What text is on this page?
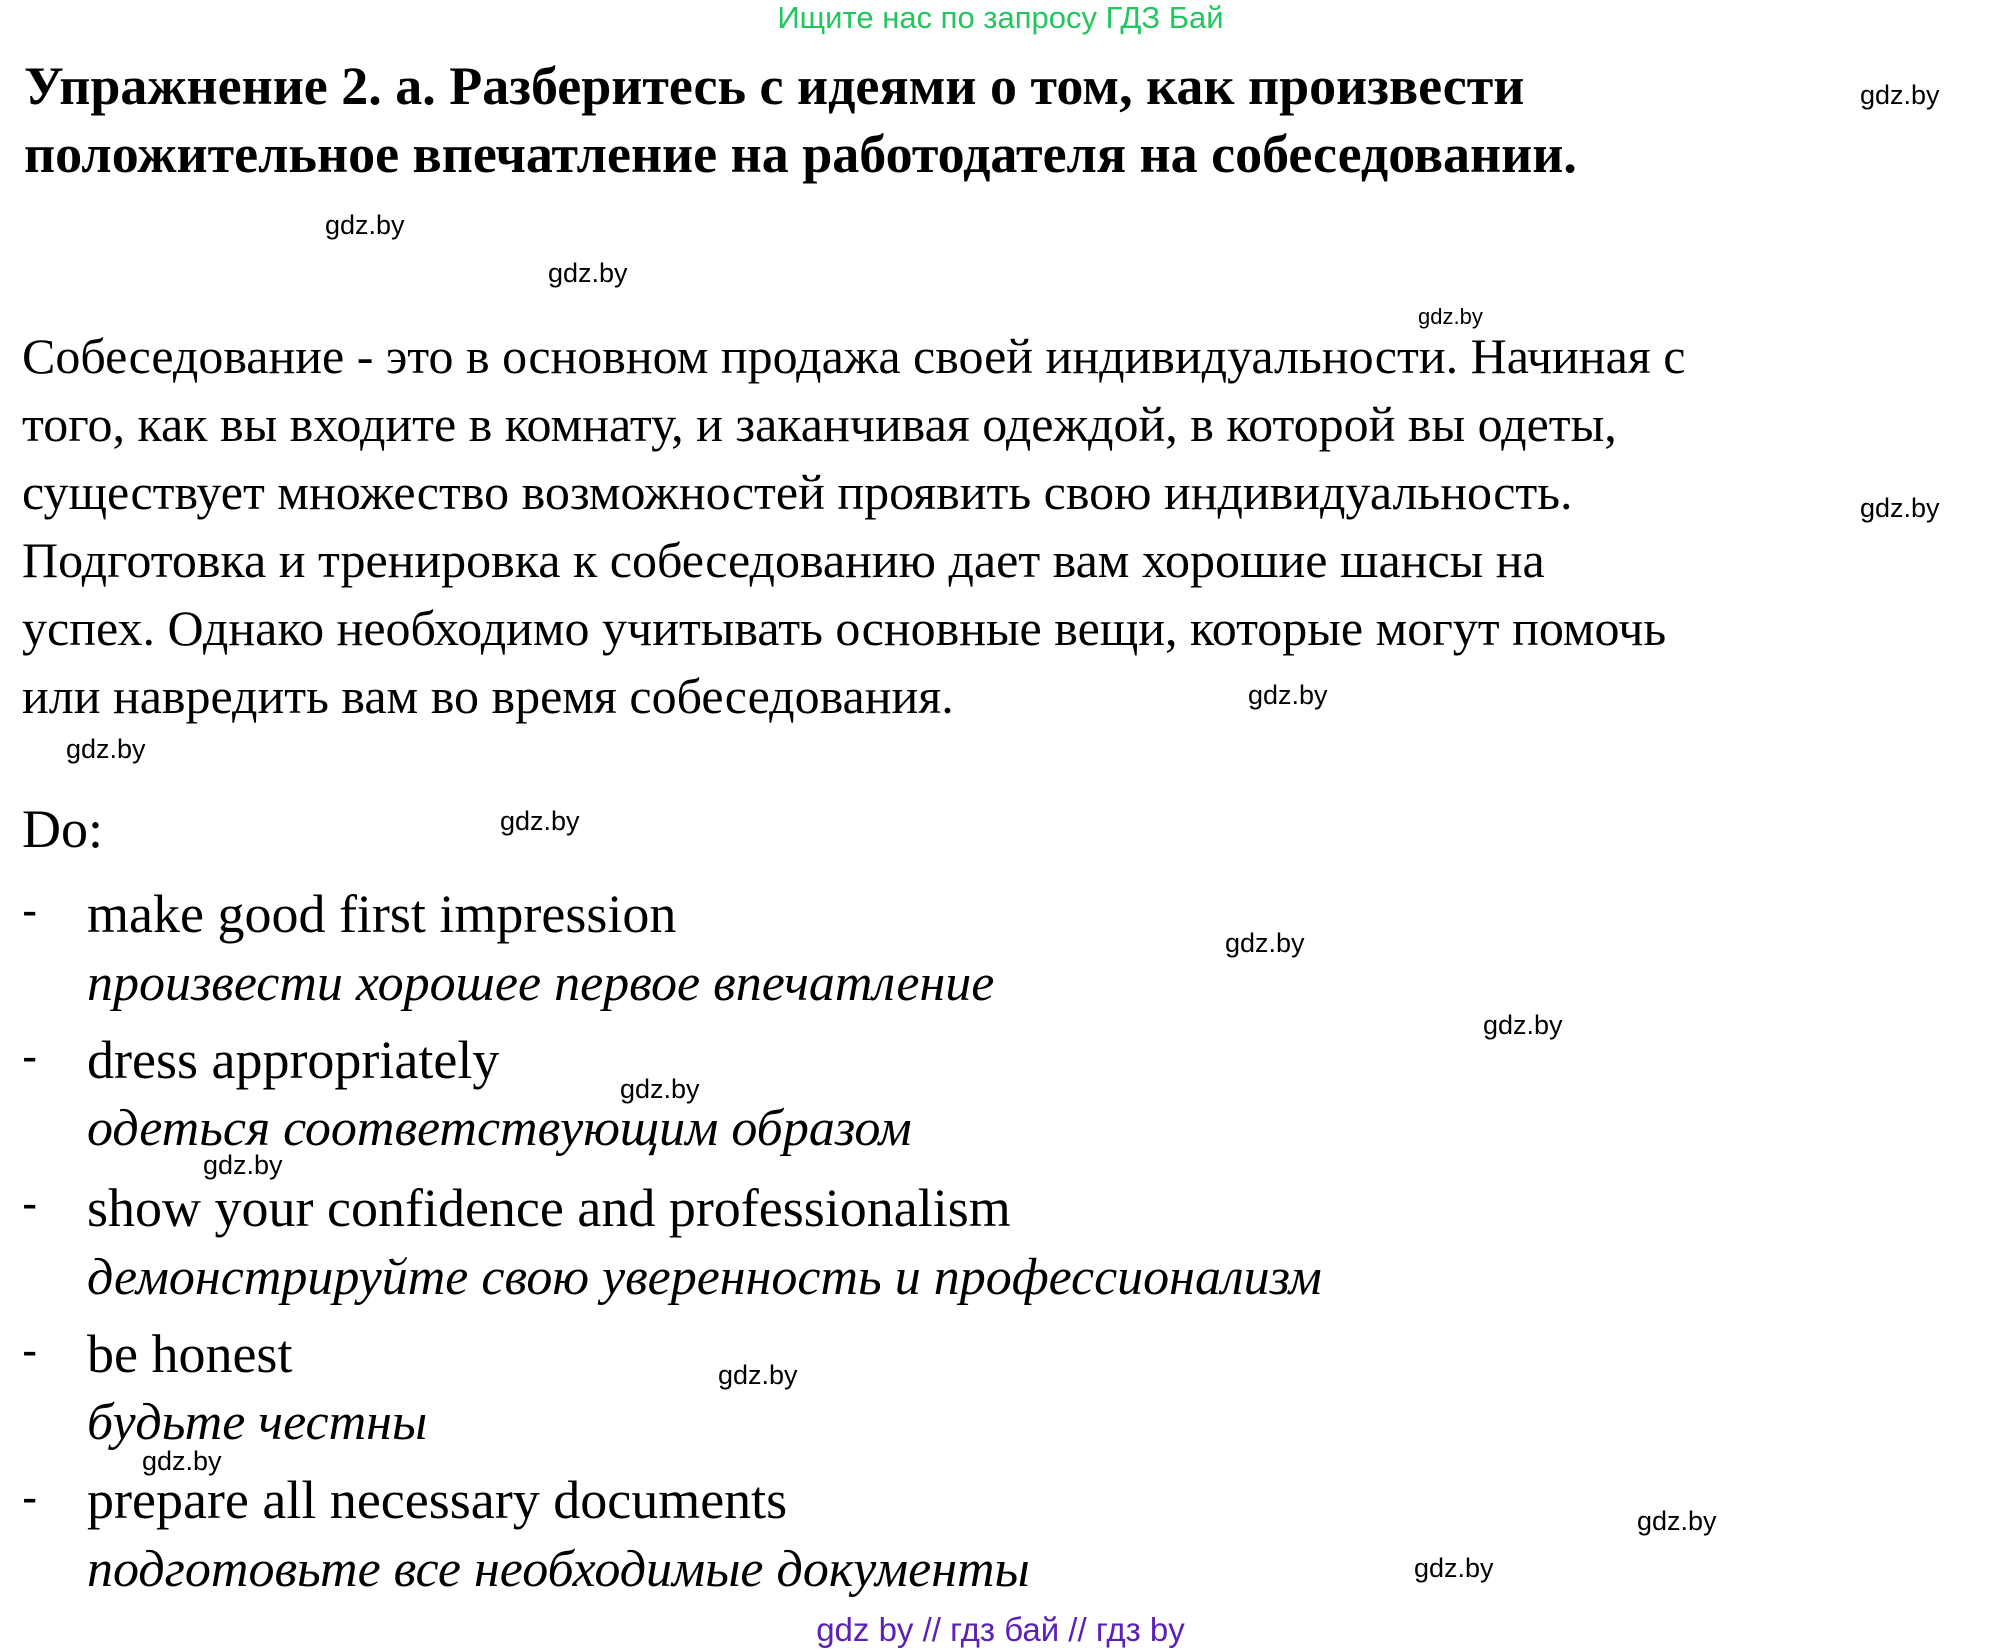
Ищите нас по запросу ГДЗ Бай
Упражнение 2. а. Разберитесь с идеями о том, как произвести
положительное впечатление на работодателя на собеседовании.
Собеседование - это в основном продажа своей индивидуальности. Начиная с
того, как вы входите в комнату, и заканчивая одеждой, в которой вы одеты,
существует множество возможностей проявить свою индивидуальность.
Подготовка и тренировка к собеседованию дает вам хорошие шансы на
успех. Однако необходимо учитывать основные вещи, которые могут помочь
или навредить вам во время собеседования.
Do:
- make good first impression
произвести хорошее первое впечатление
- dress appropriately
одеться соответствующим образом
- show your confidence and professionalism
демонстрируйте свою уверенность и профессионализм
- be honest
будьте честны
- prepare all necessary documents
подготовьте все необходимые документы
gdz.by
gdz.by
gdz.by
gdz.by
gdz.by
gdz.by
gdz.by
gdz.by
gdz.by
gdz.by
gdz.by
gdz.by
gdz.by
gdz.by
gdz.by
gdz.by
gdz by // гдз бай // гдз by
